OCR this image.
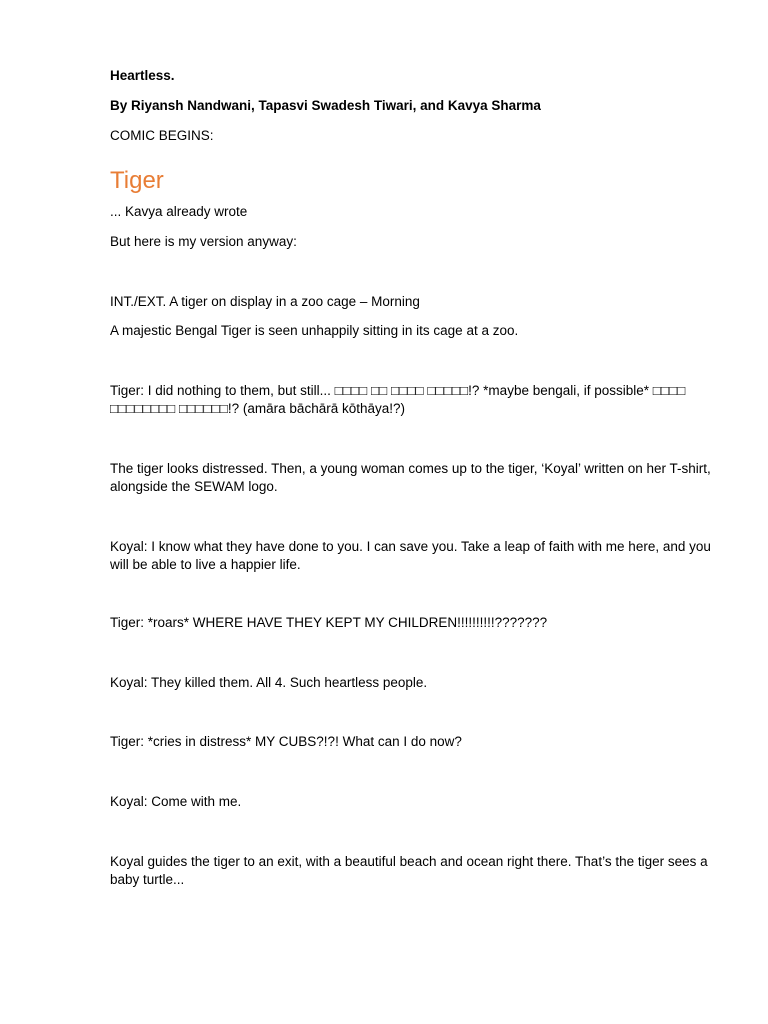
Heartless.

By Riyansh Nandwani, Tapasvi Swadesh Tiwari, and Kavya Sharma

COMIC BEGINS:

Tiger

... Kavya already wrote

But here is my version anyway:

INT./EXT. A tiger on display in a zoo cage – Morning

A majestic Bengal Tiger is seen unhappily sitting in its cage at a zoo.

Tiger: I did nothing to them, but still... □□□□ □□ □□□□ □□□□□!? *maybe bengali, if possible* □□□□ □□□□□□□□ □□□□□□!? (amāra bāchārā kōthāya!?)

The tiger looks distressed. Then, a young woman comes up to the tiger, ‘Koyal’ written on her T-shirt, alongside the SEWAM logo.

Koyal: I know what they have done to you. I can save you. Take a leap of faith with me here, and you will be able to live a happier life.

Tiger: *roars* WHERE HAVE THEY KEPT MY CHILDREN!!!!!!!!!!???????

Koyal: They killed them. All 4. Such heartless people.

Tiger: *cries in distress* MY CUBS?!?! What can I do now?

Koyal: Come with me.

Koyal guides the tiger to an exit, with a beautiful beach and ocean right there. That’s the tiger sees a baby turtle...
